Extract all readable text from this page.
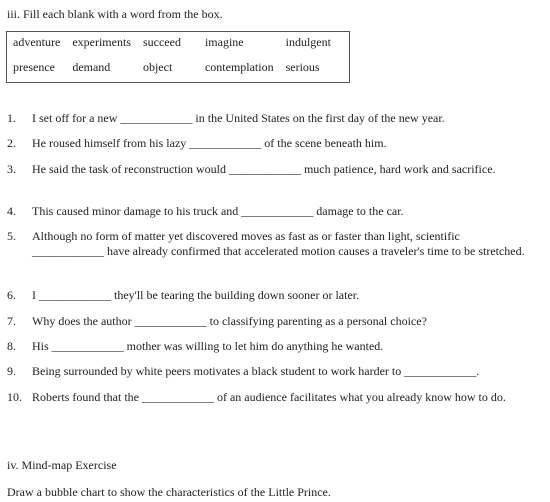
iii. Fill each blank with a word from the box.
adventure	experiments	succeed	imagine	indulgent
presence	demand	object	contemplation	serious
1. I set off for a new ____________ in the United States on the first day of the new year.
2. He roused himself from his lazy ____________ of the scene beneath him.
3. He said the task of reconstruction would ____________ much patience, hard work and sacrifice.
4. This caused minor damage to his truck and ____________ damage to the car.
5. Although no form of matter yet discovered moves as fast as or faster than light, scientific ____________ have already confirmed that accelerated motion causes a traveler's time to be stretched.
6. I ____________ they'll be tearing the building down sooner or later.
7. Why does the author ____________ to classifying parenting as a personal choice?
8. His ____________ mother was willing to let him do anything he wanted.
9. Being surrounded by white peers motivates a black student to work harder to ____________.
10. Roberts found that the ____________ of an audience facilitates what you already know how to do.
iv. Mind-map Exercise
Draw a bubble chart to show the characteristics of the Little Prince.
